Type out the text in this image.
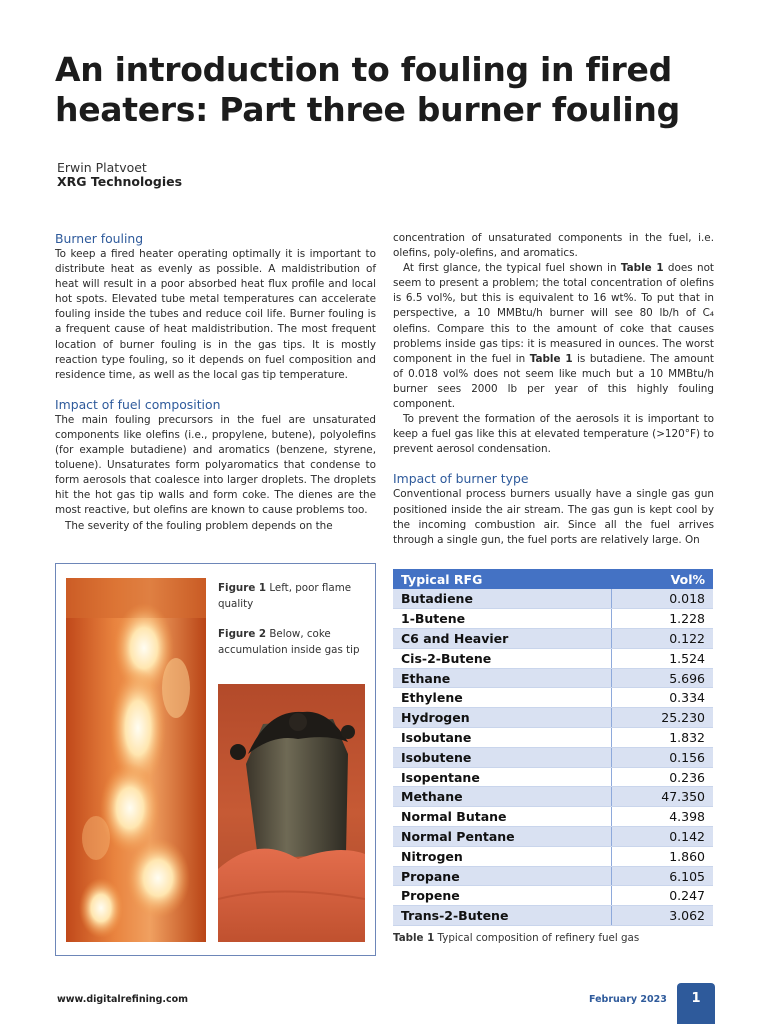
An introduction to fouling in fired heaters: Part three burner fouling
Erwin Platvoet
XRG Technologies
Burner fouling

To keep a fired heater operating optimally it is important to distribute heat as evenly as possible. A maldistribution of heat will result in a poor absorbed heat flux profile and local hot spots. Elevated tube metal temperatures can accelerate fouling inside the tubes and reduce coil life. Burner fouling is a frequent cause of heat maldistribution. The most frequent location of burner fouling is in the gas tips. It is mostly reaction type fouling, so it depends on fuel composition and residence time, as well as the local gas tip temperature.

Impact of fuel composition

The main fouling precursors in the fuel are unsaturated components like olefins (i.e., propylene, butene), polyolefins (for example butadiene) and aromatics (benzene, styrene, toluene). Unsaturates form polyaromatics that condense to form aerosols that coalesce into larger droplets. The droplets hit the hot gas tip walls and form coke. The dienes are the most reactive, but olefins are known to cause problems too.

The severity of the fouling problem depends on the

concentration of unsaturated components in the fuel, i.e. olefins, poly-olefins, and aromatics.

At first glance, the typical fuel shown in Table 1 does not seem to present a problem; the total concentration of olefins is 6.5 vol%, but this is equivalent to 16 wt%. To put that in perspective, a 10 MMBtu/h burner will see 80 lb/h of C₄ olefins. Compare this to the amount of coke that causes problems inside gas tips: it is measured in ounces. The worst component in the fuel in Table 1 is butadiene. The amount of 0.018 vol% does not seem like much but a 10 MMBtu/h burner sees 2000 lb per year of this highly fouling component.

To prevent the formation of the aerosols it is important to keep a fuel gas like this at elevated temperature (>120°F) to prevent aerosol condensation.

Impact of burner type

Conventional process burners usually have a single gas gun positioned inside the air stream. The gas gun is kept cool by the incoming combustion air. Since all the fuel arrives through a single gun, the fuel ports are relatively large. On

Figure 1 Left, poor flame quality
Figure 2 Below, coke accumulation inside gas tip
Typical RFG	Vol%
Butadiene	0.018
1-Butene	1.228
C6 and Heavier	0.122
Cis-2-Butene	1.524
Ethane	5.696
Ethylene	0.334
Hydrogen	25.230
Isobutane	1.832
Isobutene	0.156
Isopentane	0.236
Methane	47.350
Normal Butane	4.398
Normal Pentane	0.142
Nitrogen	1.860
Propane	6.105
Propene	0.247
Trans-2-Butene	3.062
Table 1 Typical composition of refinery fuel gas
www.digitalrefining.com	February 2023	1
